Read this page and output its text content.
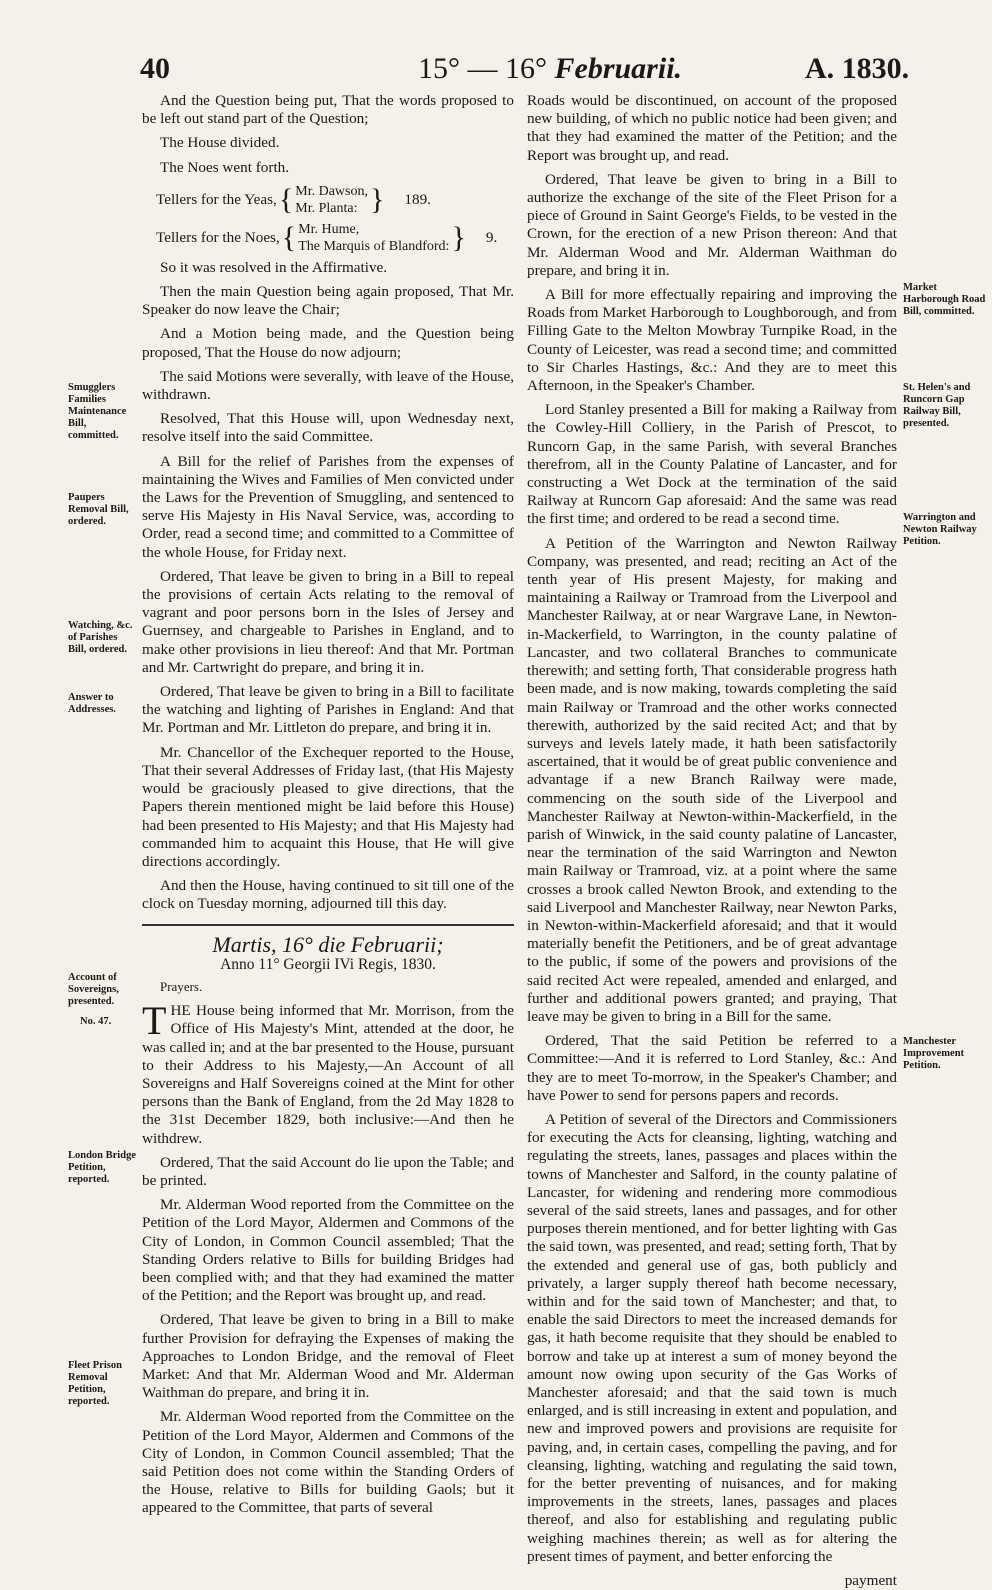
40	15° — 16° Februarii.	A. 1830.

And the Question being put, That the words proposed to be left out stand part of the Question;

The House divided.

The Noes went forth.

Tellers for the Yeas, { Mr. Dawson,
Mr. Planta: } 189.
Tellers for the Noes, { Mr. Hume,
The Marquis of Blandford: } 9.

So it was resolved in the Affirmative.

Then the main Question being again proposed, That Mr. Speaker do now leave the Chair;

And a Motion being made, and the Question being proposed, That the House do now adjourn;

The said Motions were severally, with leave of the House, withdrawn.

Resolved, That this House will, upon Wednesday next, resolve itself into the said Committee.

A Bill for the relief of Parishes from the expenses of maintaining the Wives and Families of Men convicted under the Laws for the Prevention of Smuggling, and sentenced to serve His Majesty in His Naval Service, was, according to Order, read a second time; and committed to a Committee of the whole House, for Friday next.

Ordered, That leave be given to bring in a Bill to repeal the provisions of certain Acts relating to the removal of vagrant and poor persons born in the Isles of Jersey and Guernsey, and chargeable to Parishes in England, and to make other provisions in lieu thereof: And that Mr. Portman and Mr. Cartwright do prepare, and bring it in.

Ordered, That leave be given to bring in a Bill to facilitate the watching and lighting of Parishes in England: And that Mr. Portman and Mr. Littleton do prepare, and bring it in.

Mr. Chancellor of the Exchequer reported to the House, That their several Addresses of Friday last, (that His Majesty would be graciously pleased to give directions, that the Papers therein mentioned might be laid before this House) had been presented to His Majesty; and that His Majesty had commanded him to acquaint this House, that He will give directions accordingly.

And then the House, having continued to sit till one of the clock on Tuesday morning, adjourned till this day.

Martis, 16° die Februarii;
Anno 11° Georgii IVi Regis, 1830.

Prayers.

THE House being informed that Mr. Morrison, from the Office of His Majesty's Mint, attended at the door, he was called in; and at the bar presented to the House, pursuant to their Address to his Majesty,—An Account of all Sovereigns and Half Sovereigns coined at the Mint for other persons than the Bank of England, from the 2d May 1828 to the 31st December 1829, both inclusive:—And then he withdrew.

Ordered, That the said Account do lie upon the Table; and be printed.

Mr. Alderman Wood reported from the Committee on the Petition of the Lord Mayor, Aldermen and Commons of the City of London, in Common Council assembled; That the Standing Orders relative to Bills for building Bridges had been complied with; and that they had examined the matter of the Petition; and the Report was brought up, and read.

Ordered, That leave be given to bring in a Bill to make further Provision for defraying the Expenses of making the Approaches to London Bridge, and the removal of Fleet Market: And that Mr. Alderman Wood and Mr. Alderman Waithman do prepare, and bring it in.

Mr. Alderman Wood reported from the Committee on the Petition of the Lord Mayor, Aldermen and Commons of the City of London, in Common Council assembled; That the said Petition does not come within the Standing Orders of the House, relative to Bills for building Gaols; but it appeared to the Committee, that parts of several

Roads would be discontinued, on account of the proposed new building, of which no public notice had been given; and that they had examined the matter of the Petition; and the Report was brought up, and read.

Ordered, That leave be given to bring in a Bill to authorize the exchange of the site of the Fleet Prison for a piece of Ground in Saint George's Fields, to be vested in the Crown, for the erection of a new Prison thereon: And that Mr. Alderman Wood and Mr. Alderman Waithman do prepare, and bring it in.

A Bill for more effectually repairing and improving the Roads from Market Harborough to Loughborough, and from Filling Gate to the Melton Mowbray Turnpike Road, in the County of Leicester, was read a second time; and committed to Sir Charles Hastings, &c.: And they are to meet this Afternoon, in the Speaker's Chamber.

Lord Stanley presented a Bill for making a Railway from the Cowley-Hill Colliery, in the Parish of Prescot, to Runcorn Gap, in the same Parish, with several Branches therefrom, all in the County Palatine of Lancaster, and for constructing a Wet Dock at the termination of the said Railway at Runcorn Gap aforesaid: And the same was read the first time; and ordered to be read a second time.

A Petition of the Warrington and Newton Railway Company, was presented, and read; reciting an Act of the tenth year of His present Majesty, for making and maintaining a Railway or Tramroad from the Liverpool and Manchester Railway, at or near Wargrave Lane, in Newton-in-Mackerfield, to Warrington, in the county palatine of Lancaster, and two collateral Branches to communicate therewith; and setting forth, That considerable progress hath been made, and is now making, towards completing the said main Railway or Tramroad and the other works connected therewith, authorized by the said recited Act; and that by surveys and levels lately made, it hath been satisfactorily ascertained, that it would be of great public convenience and advantage if a new Branch Railway were made, commencing on the south side of the Liverpool and Manchester Railway at Newton-within-Mackerfield, in the parish of Winwick, in the said county palatine of Lancaster, near the termination of the said Warrington and Newton main Railway or Tramroad, viz. at a point where the same crosses a brook called Newton Brook, and extending to the said Liverpool and Manchester Railway, near Newton Parks, in Newton-within-Mackerfield aforesaid; and that it would materially benefit the Petitioners, and be of great advantage to the public, if some of the powers and provisions of the said recited Act were repealed, amended and enlarged, and further and additional powers granted; and praying, That leave may be given to bring in a Bill for the same.

Ordered, That the said Petition be referred to a Committee:—And it is referred to Lord Stanley, &c.: And they are to meet To-morrow, in the Speaker's Chamber; and have Power to send for persons papers and records.

A Petition of several of the Directors and Commissioners for executing the Acts for cleansing, lighting, watching and regulating the streets, lanes, passages and places within the towns of Manchester and Salford, in the county palatine of Lancaster, for widening and rendering more commodious several of the said streets, lanes and passages, and for other purposes therein mentioned, and for better lighting with Gas the said town, was presented, and read; setting forth, That by the extended and general use of gas, both publicly and privately, a larger supply thereof hath become necessary, within and for the said town of Manchester; and that, to enable the said Directors to meet the increased demands for gas, it hath become requisite that they should be enabled to borrow and take up at interest a sum of money beyond the amount now owing upon security of the Gas Works of Manchester aforesaid; and that the said town is much enlarged, and is still increasing in extent and population, and new and improved powers and provisions are requisite for paving, and, in certain cases, compelling the paving, and for cleansing, lighting, watching and regulating the said town, for the better preventing of nuisances, and for making improvements in the streets, lanes, passages and places thereof, and also for establishing and regulating public weighing machines therein; as well as for altering the present times of payment, and better enforcing the

payment

Smugglers Families Maintenance Bill, committed.
Paupers Removal Bill, ordered.
Watching, &c. of Parishes Bill, ordered.
Answer to Addresses.
Account of Sovereigns, presented.
No. 47.
London Bridge Petition, reported.
Fleet Prison Removal Petition, reported.
Market Harborough Road Bill, committed.
St. Helen's and Runcorn Gap Railway Bill, presented.
Warrington and Newton Railway Petition.
Manchester Improvement Petition.
